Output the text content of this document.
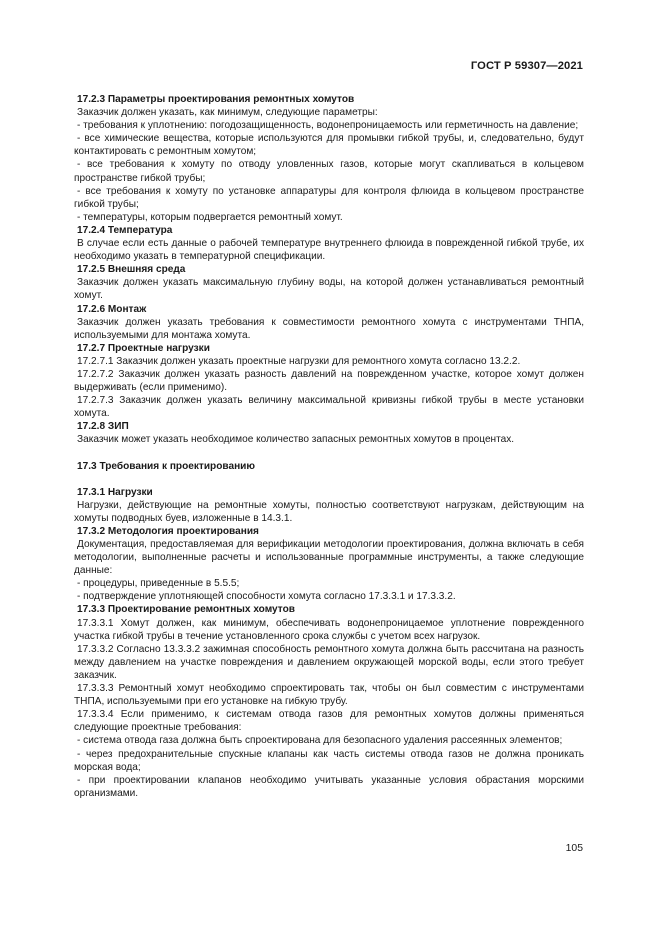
ГОСТ Р 59307—2021

17.2.3 Параметры проектирования ремонтных хомутов

Заказчик должен указать, как минимум, следующие параметры:

- требования к уплотнению: погодозащищенность, водонепроницаемость или герметичность на давление;

- все химические вещества, которые используются для промывки гибкой трубы, и, следовательно, будут контактировать с ремонтным хомутом;

- все требования к хомуту по отводу уловленных газов, которые могут скапливаться в кольцевом пространстве гибкой трубы;

- все требования к хомуту по установке аппаратуры для контроля флюида в кольцевом пространстве гибкой трубы;

- температуры, которым подвергается ремонтный хомут.

17.2.4 Температура

В случае если есть данные о рабочей температуре внутреннего флюида в поврежденной гибкой трубе, их необходимо указать в температурной спецификации.

17.2.5 Внешняя среда

Заказчик должен указать максимальную глубину воды, на которой должен устанавливаться ремонтный хомут.

17.2.6 Монтаж

Заказчик должен указать требования к совместимости ремонтного хомута с инструментами ТНПА, используемыми для монтажа хомута.

17.2.7 Проектные нагрузки

17.2.7.1 Заказчик должен указать проектные нагрузки для ремонтного хомута согласно 13.2.2.

17.2.7.2 Заказчик должен указать разность давлений на поврежденном участке, которое хомут должен выдерживать (если применимо).

17.2.7.3 Заказчик должен указать величину максимальной кривизны гибкой трубы в месте установки хомута.

17.2.8 ЗИП

Заказчик может указать необходимое количество запасных ремонтных хомутов в процентах.

17.3 Требования к проектированию

17.3.1 Нагрузки

Нагрузки, действующие на ремонтные хомуты, полностью соответствуют нагрузкам, действующим на хомуты подводных буев, изложенные в 14.3.1.

17.3.2 Методология проектирования

Документация, предоставляемая для верификации методологии проектирования, должна включать в себя методологии, выполненные расчеты и использованные программные инструменты, а также следующие данные:

- процедуры, приведенные в 5.5.5;

- подтверждение уплотняющей способности хомута согласно 17.3.3.1 и 17.3.3.2.

17.3.3 Проектирование ремонтных хомутов

17.3.3.1 Хомут должен, как минимум, обеспечивать водонепроницаемое уплотнение поврежденного участка гибкой трубы в течение установленного срока службы с учетом всех нагрузок.

17.3.3.2 Согласно 13.3.3.2 зажимная способность ремонтного хомута должна быть рассчитана на разность между давлением на участке повреждения и давлением окружающей морской воды, если этого требует заказчик.

17.3.3.3 Ремонтный хомут необходимо спроектировать так, чтобы он был совместим с инструментами ТНПА, используемыми при его установке на гибкую трубу.

17.3.3.4 Если применимо, к системам отвода газов для ремонтных хомутов должны применяться следующие проектные требования:

- система отвода газа должна быть спроектирована для безопасного удаления рассеянных элементов;

- через предохранительные спускные клапаны как часть системы отвода газов не должна проникать морская вода;

- при проектировании клапанов необходимо учитывать указанные условия обрастания морскими организмами.

105
